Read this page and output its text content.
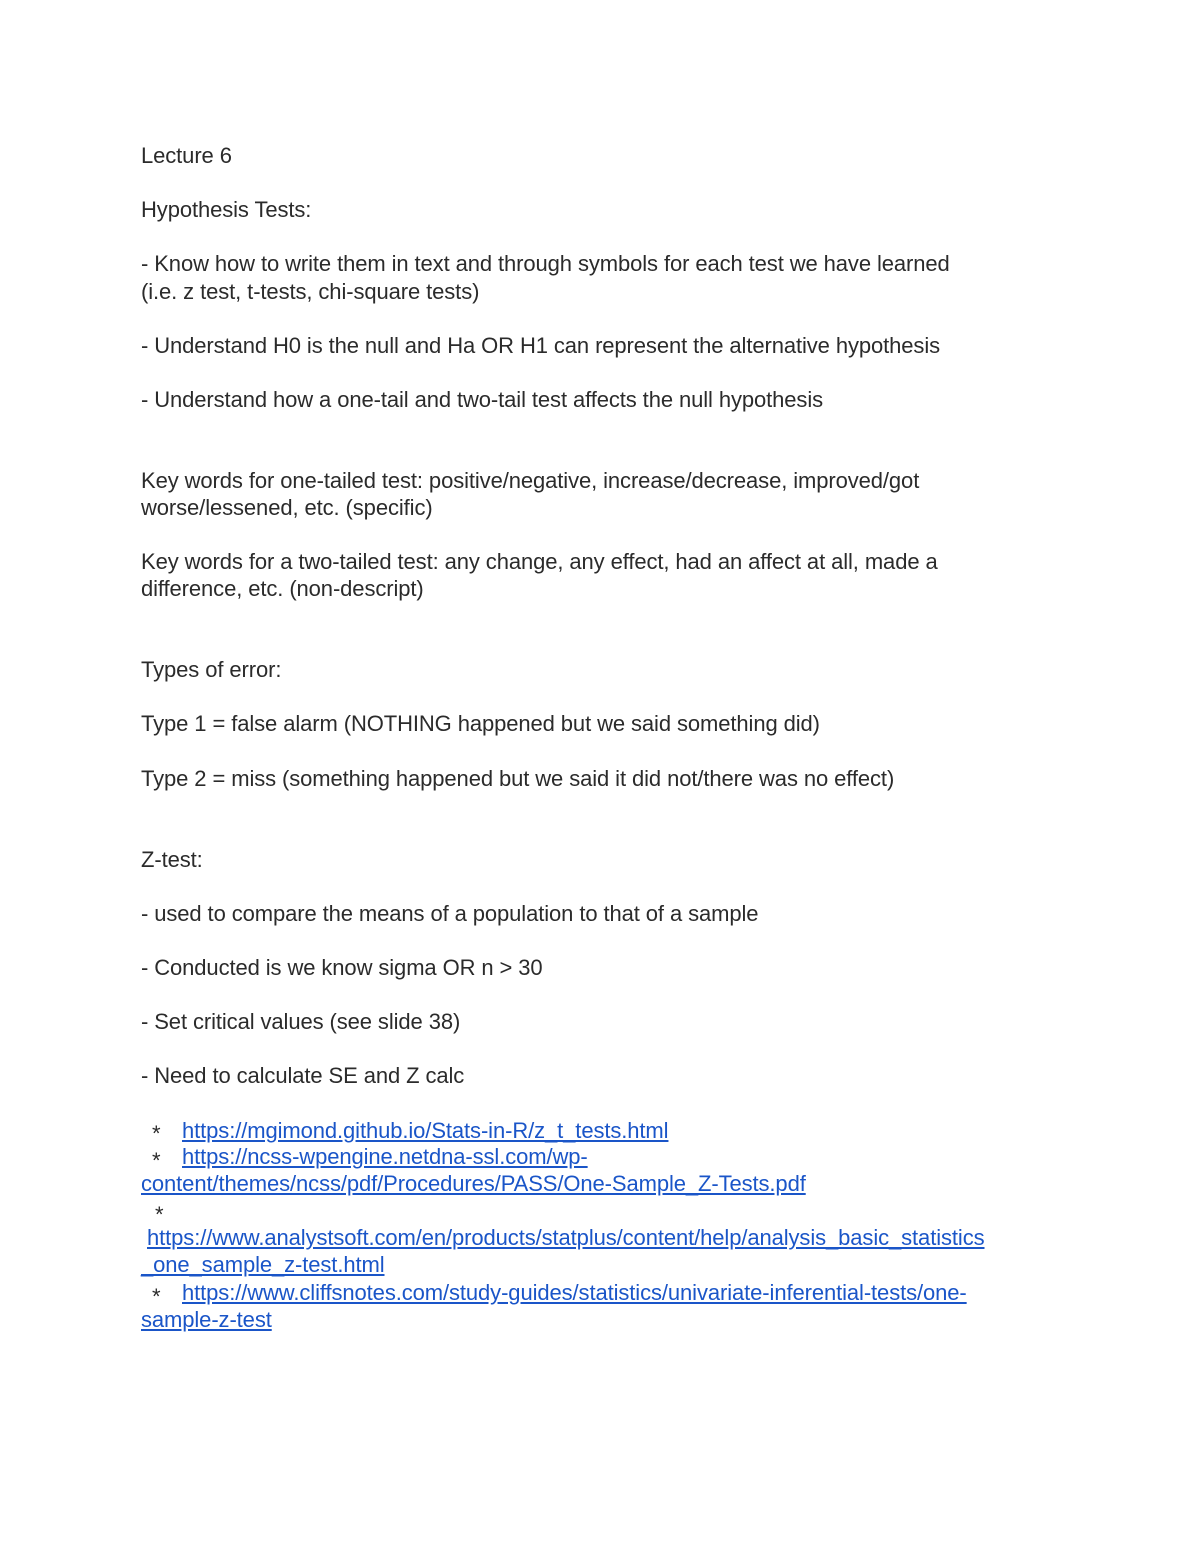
Lecture 6
Hypothesis Tests:
- Know how to write them in text and through symbols for each test we have learned
(i.e. z test, t-tests, chi-square tests)
- Understand H0 is the null and Ha OR H1 can represent the alternative hypothesis
- Understand how a one-tail and two-tail test affects the null hypothesis
Key words for one-tailed test: positive/negative, increase/decrease, improved/got
worse/lessened, etc. (specific)
Key words for a two-tailed test: any change, any effect, had an affect at all, made a
difference, etc. (non-descript)
Types of error:
Type 1 = false alarm (NOTHING happened but we said something did)
Type 2 = miss (something happened but we said it did not/there was no effect)
Z-test:
- used to compare the means of a population to that of a sample
- Conducted is we know sigma OR n > 30
- Set critical values (see slide 38)
- Need to calculate SE and Z calc
* https://mgimond.github.io/Stats-in-R/z_t_tests.html
* https://ncss-wpengine.netdna-ssl.com/wp-
content/themes/ncss/pdf/Procedures/PASS/One-Sample_Z-Tests.pdf
*
https://www.analystsoft.com/en/products/statplus/content/help/analysis_basic_statistics
_one_sample_z-test.html
* https://www.cliffsnotes.com/study-guides/statistics/univariate-inferential-tests/one-
sample-z-test
